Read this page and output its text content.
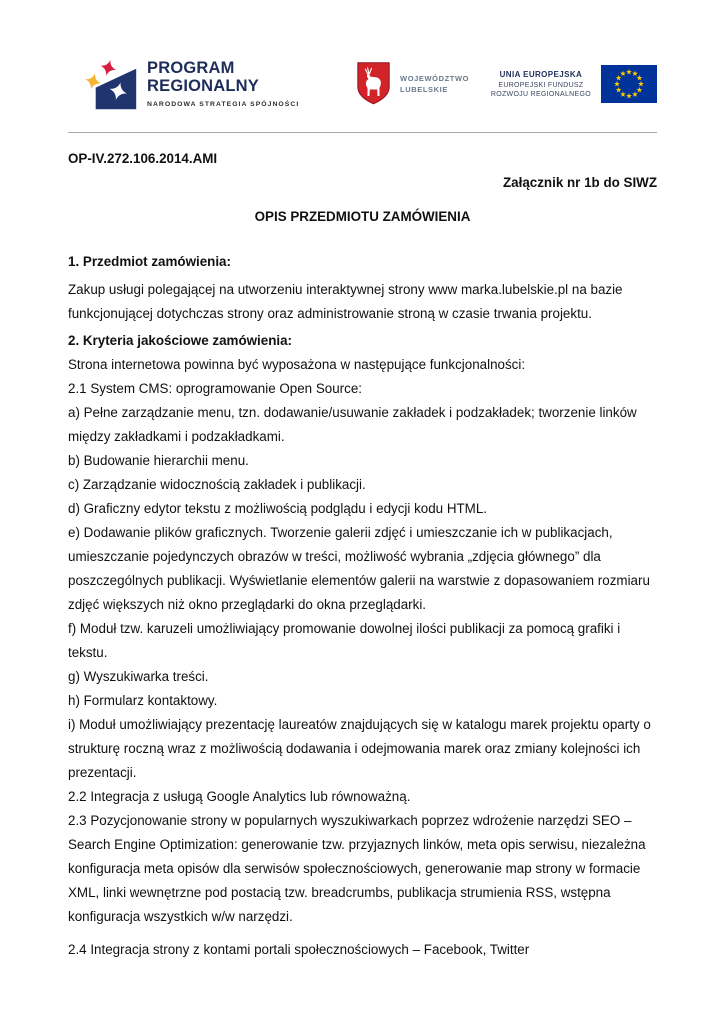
PROGRAM
REGIONALNY
NARODOWA STRATEGIA SPÓJNOŚCI
WOJEWÓDZTWO
LUBELSKIE
UNIA EUROPEJSKA
EUROPEJSKI FUNDUSZ
ROZWOJU REGIONALNEGO

OP-IV.272.106.2014.AMI

Załącznik nr 1b do SIWZ

OPIS PRZEDMIOTU ZAMÓWIENIA

1. Przedmiot zamówienia:

Zakup usługi polegającej na utworzeniu interaktywnej strony www marka.lubelskie.pl na bazie funkcjonującej dotychczas strony oraz administrowanie stroną w czasie trwania projektu.

2. Kryteria jakościowe zamówienia:

Strona internetowa powinna być wyposażona w następujące funkcjonalności:

2.1 System CMS: oprogramowanie Open Source:

a) Pełne zarządzanie menu, tzn. dodawanie/usuwanie zakładek i podzakładek; tworzenie linków między zakładkami i podzakładkami.

b) Budowanie hierarchii menu.

c) Zarządzanie widocznością zakładek i publikacji.

d) Graficzny edytor tekstu z możliwością podglądu i edycji kodu HTML.

e) Dodawanie plików graficznych. Tworzenie galerii zdjęć i umieszczanie ich w publikacjach, umieszczanie pojedynczych obrazów w treści, możliwość wybrania „zdjęcia głównego” dla poszczególnych publikacji. Wyświetlanie elementów galerii na warstwie z dopasowaniem rozmiaru zdjęć większych niż okno przeglądarki do okna przeglądarki.

f) Moduł tzw. karuzeli umożliwiający promowanie dowolnej ilości publikacji za pomocą grafiki i tekstu.

g) Wyszukiwarka treści.

h) Formularz kontaktowy.

i) Moduł umożliwiający prezentację laureatów znajdujących się w katalogu marek projektu oparty o strukturę roczną wraz z możliwością dodawania i odejmowania marek oraz zmiany kolejności ich prezentacji.

2.2 Integracja z usługą Google Analytics lub równoważną.

2.3 Pozycjonowanie strony w popularnych wyszukiwarkach poprzez wdrożenie narzędzi SEO – Search Engine Optimization: generowanie tzw. przyjaznych linków, meta opis serwisu, niezależna konfiguracja meta opisów dla serwisów społecznościowych, generowanie map strony w formacie XML, linki wewnętrzne pod postacią tzw. breadcrumbs, publikacja strumienia RSS, wstępna konfiguracja wszystkich w/w narzędzi.

2.4 Integracja strony z kontami portali społecznościowych – Facebook, Twitter
